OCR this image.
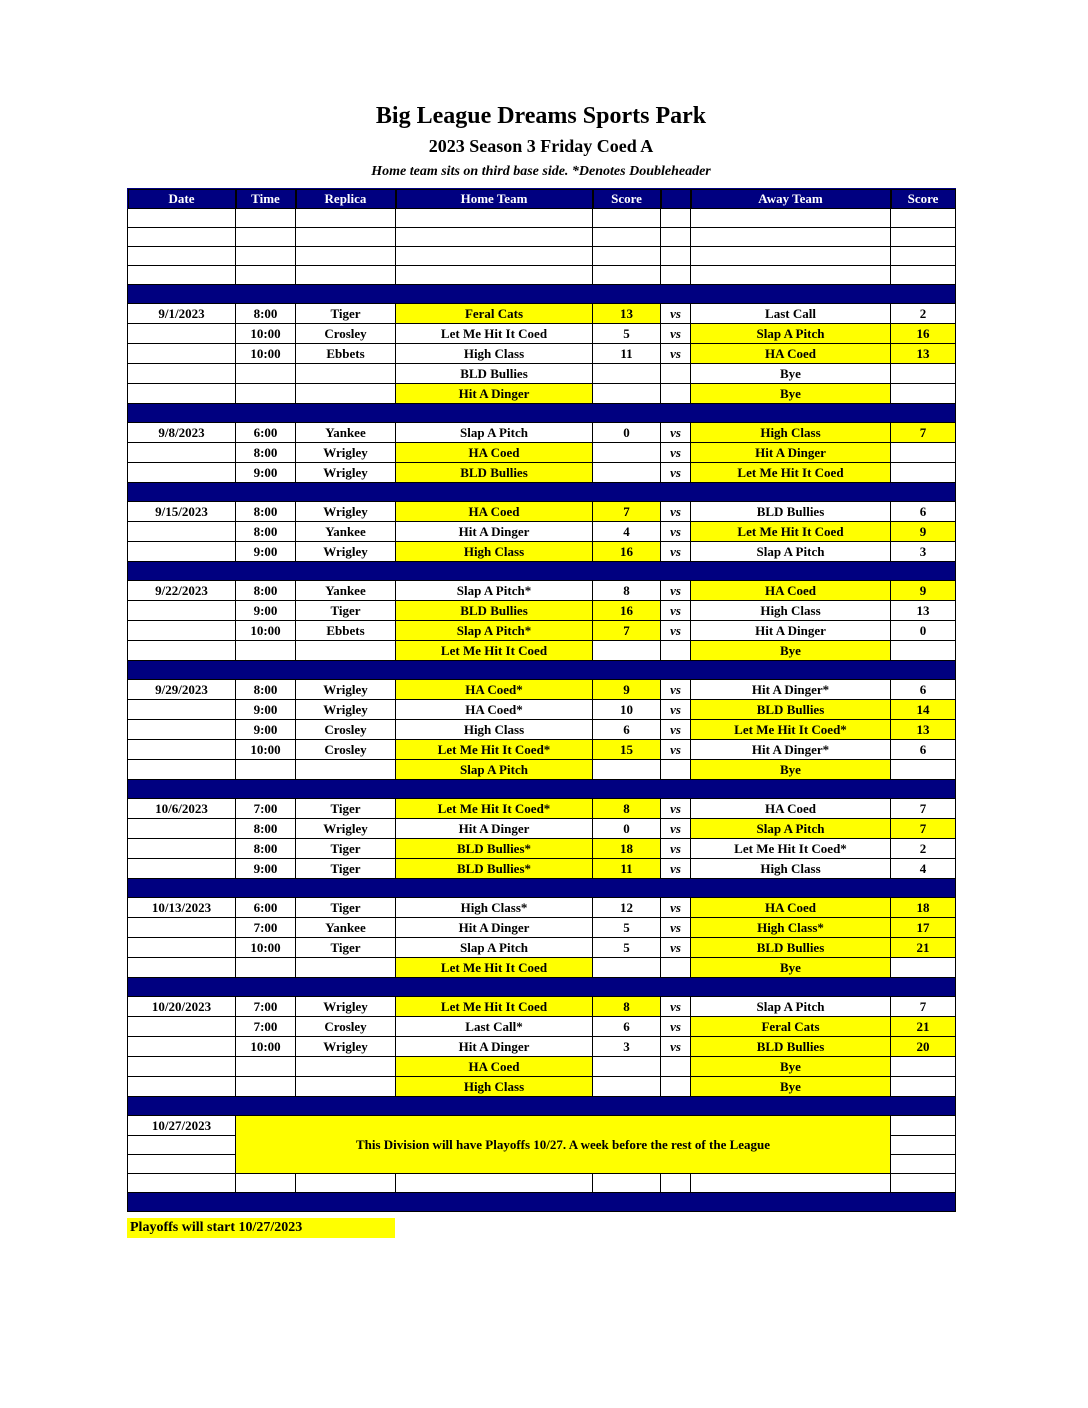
Big League Dreams Sports Park
2023 Season 3 Friday Coed A
Home team sits on third base side. *Denotes Doubleheader
Date	Time	Replica	Home Team	Score		Away Team	Score

9/1/2023	8:00	Tiger	Feral Cats	13	vs	Last Call	2
	10:00	Crosley	Let Me Hit It Coed	5	vs	Slap A Pitch	16
	10:00	Ebbets	High Class	11	vs	HA Coed	13
			BLD Bullies			Bye	
			Hit A Dinger			Bye	

9/8/2023	6:00	Yankee	Slap A Pitch	0	vs	High Class	7
	8:00	Wrigley	HA Coed		vs	Hit A Dinger	
	9:00	Wrigley	BLD Bullies		vs	Let Me Hit It Coed	

9/15/2023	8:00	Wrigley	HA Coed	7	vs	BLD Bullies	6
	8:00	Yankee	Hit A Dinger	4	vs	Let Me Hit It Coed	9
	9:00	Wrigley	High Class	16	vs	Slap A Pitch	3

9/22/2023	8:00	Yankee	Slap A Pitch*	8	vs	HA Coed	9
	9:00	Tiger	BLD Bullies	16	vs	High Class	13
	10:00	Ebbets	Slap A Pitch*	7	vs	Hit A Dinger	0
			Let Me Hit It Coed			Bye	

9/29/2023	8:00	Wrigley	HA Coed*	9	vs	Hit A Dinger*	6
	9:00	Wrigley	HA Coed*	10	vs	BLD Bullies	14
	9:00	Crosley	High Class	6	vs	Let Me Hit It Coed*	13
	10:00	Crosley	Let Me Hit It Coed*	15	vs	Hit A Dinger*	6
			Slap A Pitch			Bye	

10/6/2023	7:00	Tiger	Let Me Hit It Coed*	8	vs	HA Coed	7
	8:00	Wrigley	Hit A Dinger	0	vs	Slap A Pitch	7
	8:00	Tiger	BLD Bullies*	18	vs	Let Me Hit It Coed*	2
	9:00	Tiger	BLD Bullies*	11	vs	High Class	4

10/13/2023	6:00	Tiger	High Class*	12	vs	HA Coed	18
	7:00	Yankee	Hit A Dinger	5	vs	High Class*	17
	10:00	Tiger	Slap A Pitch	5	vs	BLD Bullies	21
			Let Me Hit It Coed			Bye	

10/20/2023	7:00	Wrigley	Let Me Hit It Coed	8	vs	Slap A Pitch	7
	7:00	Crosley	Last Call*	6	vs	Feral Cats	21
	10:00	Wrigley	Hit A Dinger	3	vs	BLD Bullies	20
			HA Coed			Bye	
			High Class			Bye	

10/27/2023	This Division will have Playoffs 10/27. A week before the rest of the League						

Playoffs will start 10/27/2023
